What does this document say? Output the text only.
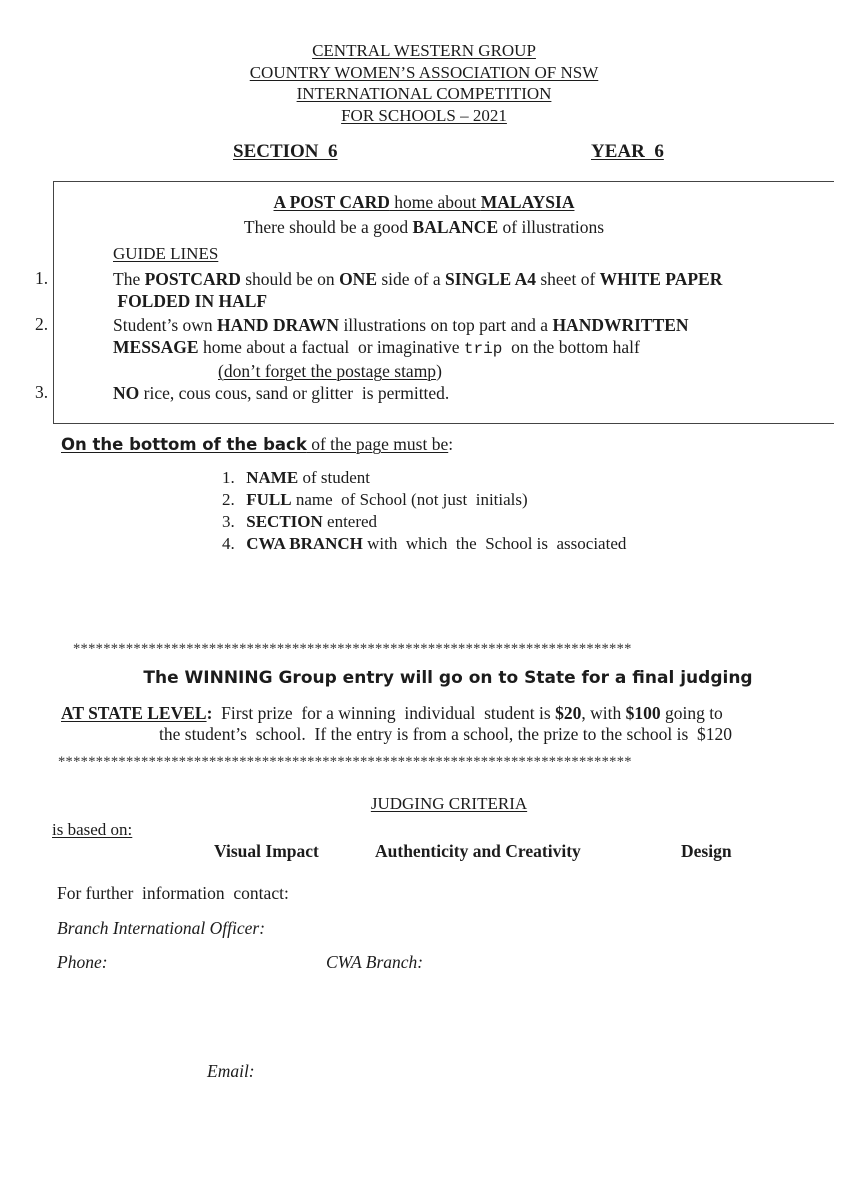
CENTRAL WESTERN GROUP
COUNTRY WOMEN’S ASSOCIATION OF NSW
INTERNATIONAL COMPETITION
FOR SCHOOLS – 2021
SECTION  6	YEAR  6
A POST CARD home about MALAYSIA
There should be a good BALANCE of illustrations
GUIDE LINES
1.	The POSTCARD should be on ONE side of a SINGLE A4 sheet of WHITE PAPER
FOLDED IN HALF
2.	Student’s own HAND DRAWN illustrations on top part and a HANDWRITTEN
MESSAGE home about a factual  or imaginative trip  on the bottom half
(don’t forget the postage stamp)
3.	NO rice, cous cous, sand or glitter  is permitted.
On the bottom of the back of the page must be:
1. NAME of student
2. FULL name  of School (not just  initials)
3. SECTION entered
4. CWA BRANCH with  which  the  School is  associated
**************************************************************************
The WINNING Group entry will go on to State for a final judging
AT STATE LEVEL:  First prize  for a winning  individual  student is $20, with $100 going to
the student’s  school.  If the entry is from a school, the prize to the school is  $120
****************************************************************************
JUDGING CRITERIA
is based on:
Visual Impact	Authenticity and Creativity	Design
For further  information  contact:
Branch International Officer:
Phone:	CWA Branch:
Email:
